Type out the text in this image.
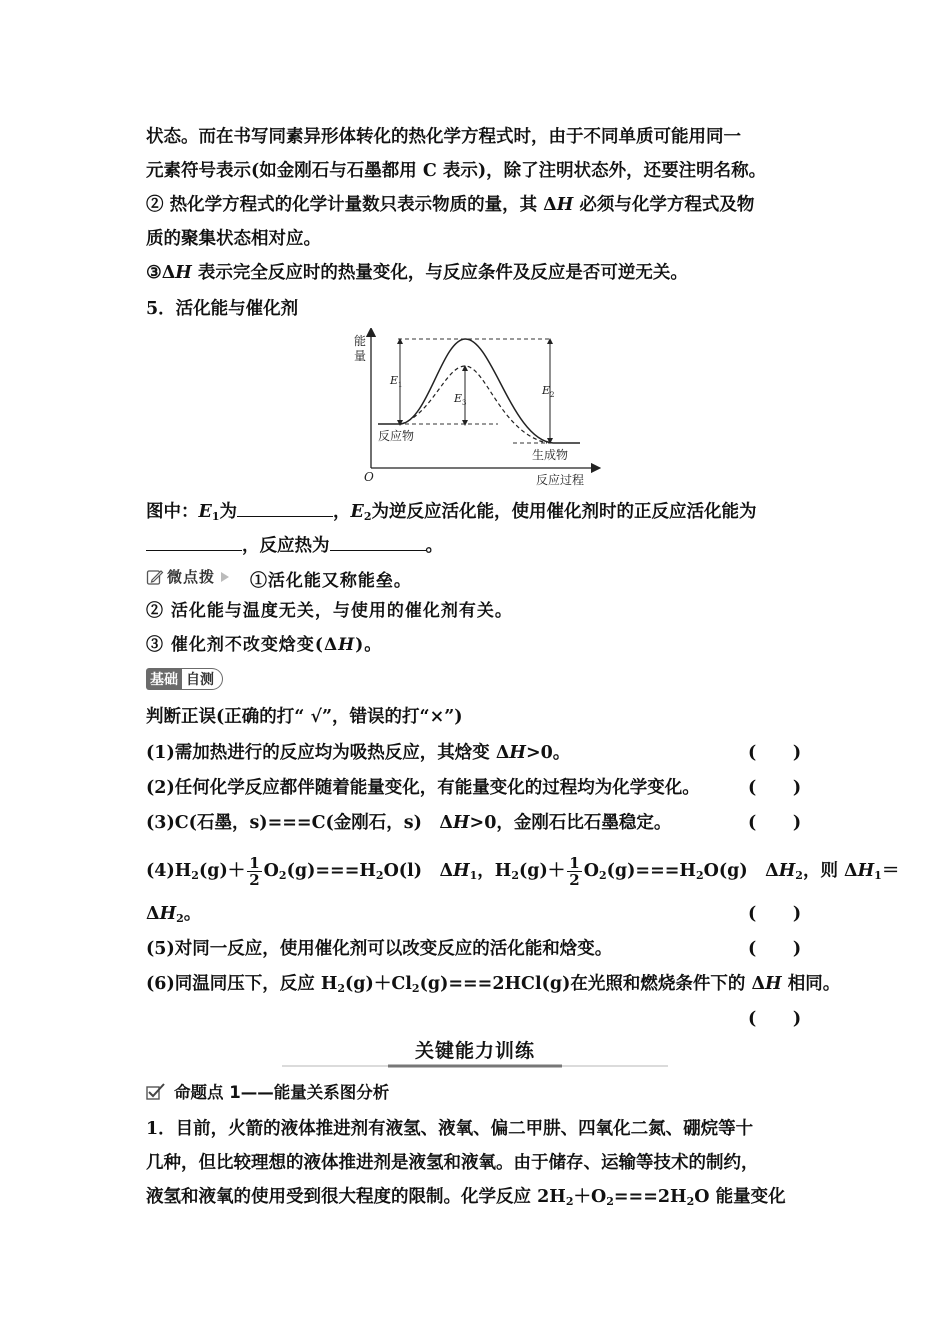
状态。而在书写同素异形体转化的热化学方程式时，由于不同单质可能用同一
元素符号表示(如金刚石与石墨都用 C 表示)，除了注明状态外，还要注明名称。
② 热化学方程式的化学计量数只表示物质的量，其 ΔH 必须与化学方程式及物
质的聚集状态相对应。
③ΔH 表示完全反应时的热量变化，与反应条件及反应是否可逆无关。
5．活化能与催化剂
能
量
O	反应过程
$E_1$
$E_3$
$E_2$
反应物
生成物
图中：$E_1$为	，$E_2$为逆反应活化能，使用催化剂时的正反应活化能为
，反应热为	。
微点拨 ①活化能又称能垒。
② 活化能与温度无关，与使用的催化剂有关。
③ 催化剂不改变焓变(ΔH)。
基础 自测
判断正误(正确的打“ √”，错误的打“×”)
(1)需加热进行的反应均为吸热反应，其焓变 ΔH>0。	(      )
(2)任何化学反应都伴随着能量变化，有能量变化的过程均为化学变化。	(      )
(3)C(石墨，s)===C(金刚石，s)　ΔH>0，金刚石比石墨稳定。	(      )
$(4)H_2(g)+ \frac{1}{2} O_2(g)===H_2O(l)$　$\Delta H_1$，$H_2(g)+ \frac{1}{2} O_2(g)===H_2O(g)$　$\Delta H_2$，则 $\Delta H_1=$
$\Delta H_2$。	(      )
(5)对同一反应，使用催化剂可以改变反应的活化能和焓变。	(      )
(6)同温同压下，反应 $H_2(g)+Cl_2(g)===2HCl(g)$在光照和燃烧条件下的 ΔH 相同。
(      )
关键能力训练
命题点 1——能量关系图分析
1．目前，火箭的液体推进剂有液氢、液氧、偏二甲肼、四氧化二氮、硼烷等十
几种，但比较理想的液体推进剂是液氢和液氧。由于储存、运输等技术的制约，
液氢和液氧的使用受到很大程度的限制。化学反应 $2H_2+O_2===2H_2O$ 能量变化
